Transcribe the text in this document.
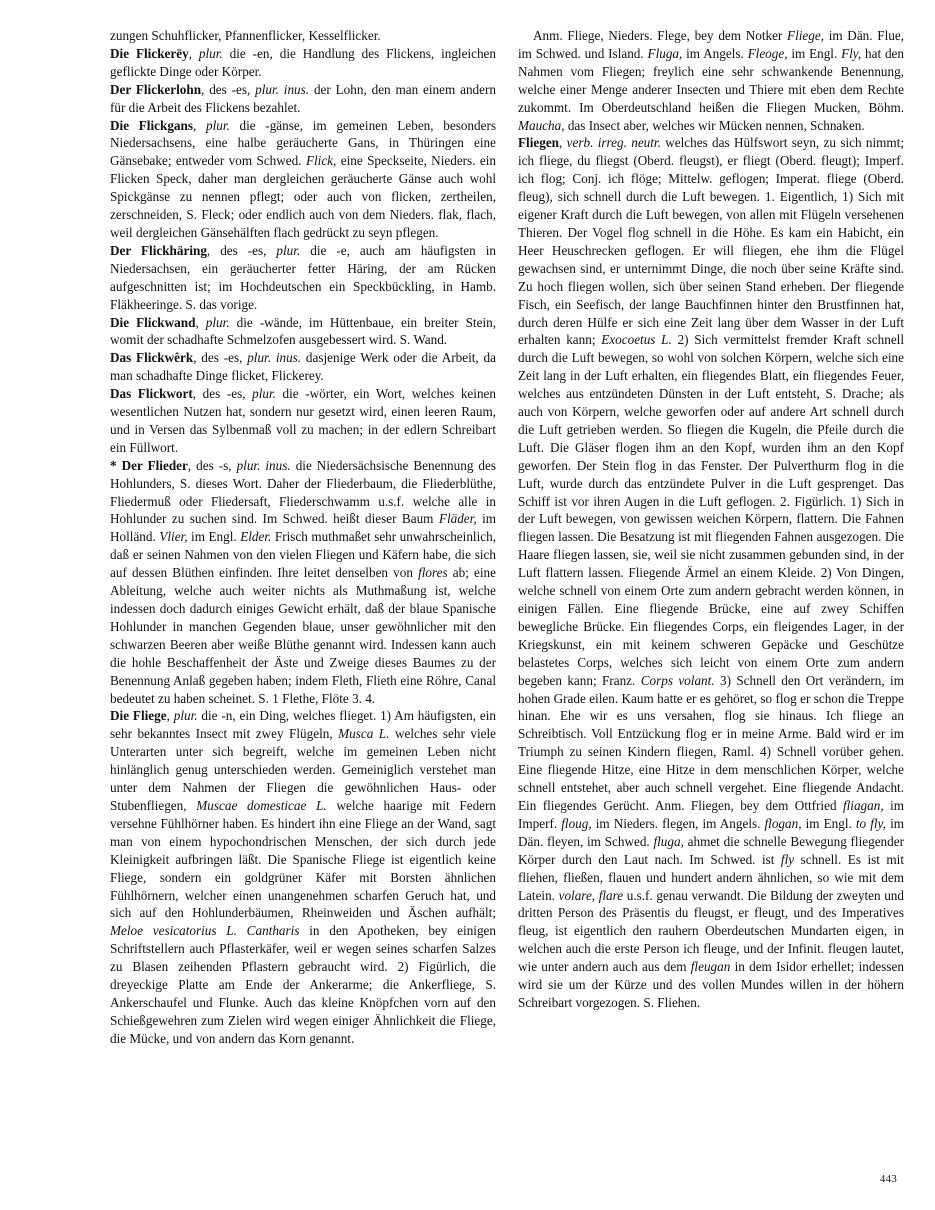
zungen Schuhflicker, Pfannenflicker, Kesselflicker.

Die Flickerēy, plur. die -en, die Handlung des Flickens, ingleichen geflickte Dinge oder Körper.

Der Flickerlohn, des -es, plur. inus. der Lohn, den man einem andern für die Arbeit des Flickens bezahlet.

Die Flickgans, plur. die -gänse, im gemeinen Leben, besonders Niedersachsens, eine halbe geräucherte Gans, in Thüringen eine Gänsebake; entweder vom Schwed. Flick, eine Speckseite, Nieders. ein Flicken Speck, daher man dergleichen geräucherte Gänse auch wohl Spickgänse zu nennen pflegt; oder auch von flicken, zertheilen, zerschneiden, S. Fleck; oder endlich auch von dem Nieders. flak, flach, weil dergleichen Gänsehälften flach gedrückt zu seyn pflegen.

Der Flickhäring, des -es, plur. die -e, auch am häufigsten in Niedersachsen, ein geräucherter fetter Häring, der am Rücken aufgeschnitten ist; im Hochdeutschen ein Speckbückling, in Hamb. Fläkheeringe. S. das vorige.

Die Flickwand, plur. die -wände, im Hüttenbaue, ein breiter Stein, womit der schadhafte Schmelzofen ausgebessert wird. S. Wand.

Das Flickwêrk, des -es, plur. inus. dasjenige Werk oder die Arbeit, da man schadhafte Dinge flicket, Flickerey.

Das Flickwort, des -es, plur. die -wörter, ein Wort, welches keinen wesentlichen Nutzen hat, sondern nur gesetzt wird, einen leeren Raum, und in Versen das Sylbenmaß voll zu machen; in der edlern Schreibart ein Füllwort.

* Der Flieder, des -s, plur. inus. die Niedersächsische Benennung des Hohlunders, S. dieses Wort. Daher der Fliederbaum, die Fliederblüthe, Fliedermuß oder Fliedersaft, Fliederschwamm u.s.f. welche alle in Hohlunder zu suchen sind. Im Schwed. heißt dieser Baum Fläder, im Holländ. Vlier, im Engl. Elder. Frisch muthmaßet sehr unwahrscheinlich, daß er seinen Nahmen von den vielen Fliegen und Käfern habe, die sich auf dessen Blüthen einfinden. Ihre leitet denselben von flores ab; eine Ableitung, welche auch weiter nichts als Muthmaßung ist, welche indessen doch dadurch einiges Gewicht erhält, daß der blaue Spanische Hohlunder in manchen Gegenden blaue, unser gewöhnlicher mit den schwarzen Beeren aber weiße Blüthe genannt wird. Indessen kann auch die hohle Beschaffenheit der Äste und Zweige dieses Baumes zu der Benennung Anlaß gegeben haben; indem Fleth, Flieth eine Röhre, Canal bedeutet zu haben scheinet. S. 1 Flethe, Flöte 3. 4.

Die Fliege, plur. die -n, ein Ding, welches flieget. 1) Am häufigsten, ein sehr bekanntes Insect mit zwey Flügeln, Musca L. welches sehr viele Unterarten unter sich begreift, welche im gemeinen Leben nicht hinlänglich genug unterschieden werden. Gemeiniglich verstehet man unter dem Nahmen der Fliegen die gewöhnlichen Haus- oder Stubenfliegen, Muscae domesticae L. welche haarige mit Federn versehne Fühlhörner haben. Es hindert ihn eine Fliege an der Wand, sagt man von einem hypochondrischen Menschen, der sich durch jede Kleinigkeit aufbringen läßt. Die Spanische Fliege ist eigentlich keine Fliege, sondern ein goldgrüner Käfer mit Borsten ähnlichen Fühlhörnern, welcher einen unangenehmen scharfen Geruch hat, und sich auf den Hohlunderbäumen, Rheinweiden und Äschen aufhält; Meloe vesicatorius L. Cantharis in den Apotheken, bey einigen Schriftstellern auch Pflasterkäfer, weil er wegen seines scharfen Salzes zu Blasen zeihenden Pflastern gebraucht wird. 2) Figürlich, die dreyeckige Platte am Ende der Ankerarme; die Ankerfliege, S. Ankerschaufel und Flunke. Auch das kleine Knöpfchen vorn auf den Schießgewehren zum Zielen wird wegen einiger Ähnlichkeit die Fliege, die Mücke, und von andern das Korn genannt.

Anm. Fliege, Nieders. Flege, bey dem Notker Fliege, im Dän. Flue, im Schwed. und Island. Fluga, im Angels. Fleoge, im Engl. Fly, hat den Nahmen vom Fliegen; freylich eine sehr schwankende Benennung, welche einer Menge anderer Insecten und Thiere mit eben dem Rechte zukommt. Im Oberdeutschland heißen die Fliegen Mucken, Böhm. Maucha, das Insect aber, welches wir Mücken nennen, Schnaken.

Fliegen, verb. irreg. neutr. welches das Hülfswort seyn, zu sich nimmt; ich fliege, du fliegst (Oberd. fleugst), er fliegt (Oberd. fleugt); Imperf. ich flog; Conj. ich flöge; Mittelw. geflogen; Imperat. fliege (Oberd. fleug), sich schnell durch die Luft bewegen. 1. Eigentlich, 1) Sich mit eigener Kraft durch die Luft bewegen, von allen mit Flügeln versehenen Thieren. Der Vogel flog schnell in die Höhe. Es kam ein Habicht, ein Heer Heuschrecken geflogen. Er will fliegen, ehe ihm die Flügel gewachsen sind, er unternimmt Dinge, die noch über seine Kräfte sind. Zu hoch fliegen wollen, sich über seinen Stand erheben. Der fliegende Fisch, ein Seefisch, der lange Bauchfinnen hinter den Brustfinnen hat, durch deren Hülfe er sich eine Zeit lang über dem Wasser in der Luft erhalten kann; Exocoetus L. 2) Sich vermittelst fremder Kraft schnell durch die Luft bewegen, so wohl von solchen Körpern, welche sich eine Zeit lang in der Luft erhalten, ein fliegendes Blatt, ein fliegendes Feuer, welches aus entzündeten Dünsten in der Luft entsteht, S. Drache; als auch von Körpern, welche geworfen oder auf andere Art schnell durch die Luft getrieben werden. So fliegen die Kugeln, die Pfeile durch die Luft. Die Gläser flogen ihm an den Kopf, wurden ihm an den Kopf geworfen. Der Stein flog in das Fenster. Der Pulverthurm flog in die Luft, wurde durch das entzündete Pulver in die Luft gesprenget. Das Schiff ist vor ihren Augen in die Luft geflogen. 2. Figürlich. 1) Sich in der Luft bewegen, von gewissen weichen Körpern, flattern. Die Fahnen fliegen lassen. Die Besatzung ist mit fliegenden Fahnen ausgezogen. Die Haare fliegen lassen, sie, weil sie nicht zusammen gebunden sind, in der Luft flattern lassen. Fliegende Ärmel an einem Kleide. 2) Von Dingen, welche schnell von einem Orte zum andern gebracht werden können, in einigen Fällen. Eine fliegende Brücke, eine auf zwey Schiffen bewegliche Brücke. Ein fliegendes Corps, ein fleigendes Lager, in der Kriegskunst, ein mit keinem schweren Gepäcke und Geschütze belastetes Corps, welches sich leicht von einem Orte zum andern begeben kann; Franz. Corps volant. 3) Schnell den Ort verändern, im hohen Grade eilen. Kaum hatte er es gehöret, so flog er schon die Treppe hinan. Ehe wir es uns versahen, flog sie hinaus. Ich fliege an Schreibtisch. Voll Entzückung flog er in meine Arme. Bald wird er im Triumph zu seinen Kindern fliegen, Raml. 4) Schnell vorüber gehen. Eine fliegende Hitze, eine Hitze in dem menschlichen Körper, welche schnell entstehet, aber auch schnell vergehet. Eine fliegende Andacht. Ein fliegendes Gerücht. Anm. Fliegen, bey dem Ottfried fliagan, im Imperf. floug, im Nieders. flegen, im Angels. flogan, im Engl. to fly, im Dän. fleyen, im Schwed. fluga, ahmet die schnelle Bewegung fliegender Körper durch den Laut nach. Im Schwed. ist fly schnell. Es ist mit fliehen, fließen, flauen und hundert andern ähnlichen, so wie mit dem Latein. volare, flare u.s.f. genau verwandt. Die Bildung der zweyten und dritten Person des Präsentis du fleugst, er fleugt, und des Imperatives fleug, ist eigentlich den rauhern Oberdeutschen Mundarten eigen, in welchen auch die erste Person ich fleuge, und der Infinit. fleugen lautet, wie unter andern auch aus dem fleugan in dem Isidor erhellet; indessen wird sie um der Kürze und des vollen Mundes willen in der höhern Schreibart vorgezogen. S. Fliehen.

443
